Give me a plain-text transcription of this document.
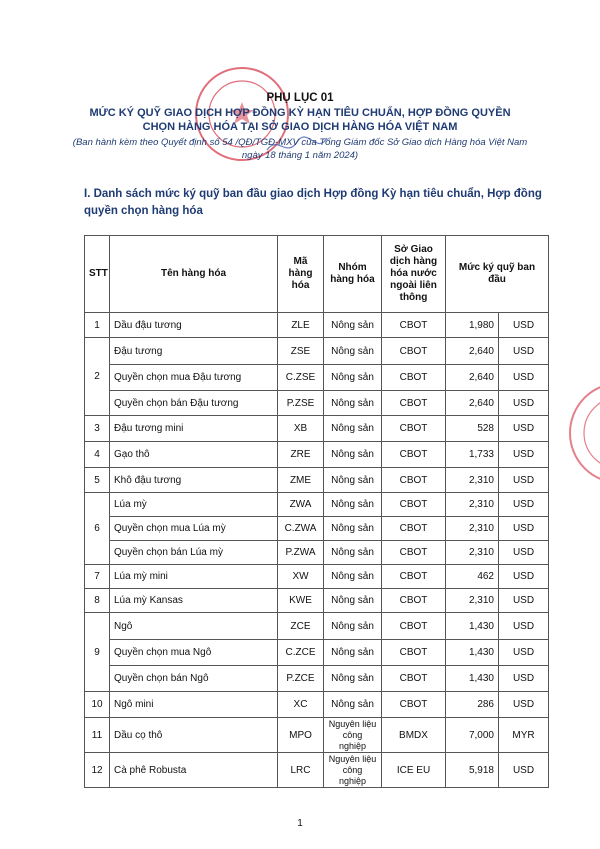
PHỤ LỤC 01
MỨC KÝ QUỸ GIAO DỊCH HỢP ĐỒNG KỲ HẠN TIÊU CHUẨN, HỢP ĐỒNG QUYỀN
CHỌN HÀNG HÓA TẠI SỞ GIAO DỊCH HÀNG HÓA VIỆT NAM
(Ban hành kèm theo Quyết định số 54 /QĐ/TGĐ-MXV của Tổng Giám đốc Sở Giao dịch Hàng hóa Việt Nam
ngày 18 tháng 1 năm 2024)
I. Danh sách mức ký quỹ ban đầu giao dịch Hợp đồng Kỳ hạn tiêu chuẩn, Hợp đồng quyền chọn hàng hóa
STT	Tên hàng hóa	Mã hàng hóa	Nhóm hàng hóa	Sở Giao dịch hàng hóa nước ngoài liên thông	Mức ký quỹ ban đầu	
1	Dầu đậu tương	ZLE	Nông sản	CBOT	1,980	USD
2	Đậu tương	ZSE	Nông sản	CBOT	2,640	USD
	Quyền chọn mua Đậu tương	C.ZSE	Nông sản	CBOT	2,640	USD
	Quyền chọn bán Đậu tương	P.ZSE	Nông sản	CBOT	2,640	USD
3	Đậu tương mini	XB	Nông sản	CBOT	528	USD
4	Gạo thô	ZRE	Nông sản	CBOT	1,733	USD
5	Khô đậu tương	ZME	Nông sản	CBOT	2,310	USD
6	Lúa mỳ	ZWA	Nông sản	CBOT	2,310	USD
	Quyền chọn mua Lúa mỳ	C.ZWA	Nông sản	CBOT	2,310	USD
	Quyền chọn bán Lúa mỳ	P.ZWA	Nông sản	CBOT	2,310	USD
7	Lúa mỳ mini	XW	Nông sản	CBOT	462	USD
8	Lúa mỳ Kansas	KWE	Nông sản	CBOT	2,310	USD
9	Ngô	ZCE	Nông sản	CBOT	1,430	USD
	Quyền chọn mua Ngô	C.ZCE	Nông sản	CBOT	1,430	USD
	Quyền chọn bán Ngô	P.ZCE	Nông sản	CBOT	1,430	USD
10	Ngô mini	XC	Nông sản	CBOT	286	USD
11	Dầu cọ thô	MPO	Nguyên liệu công nghiệp	BMDX	7,000	MYR
12	Cà phê Robusta	LRC	Nguyên liệu công nghiệp	ICE EU	5,918	USD
1
